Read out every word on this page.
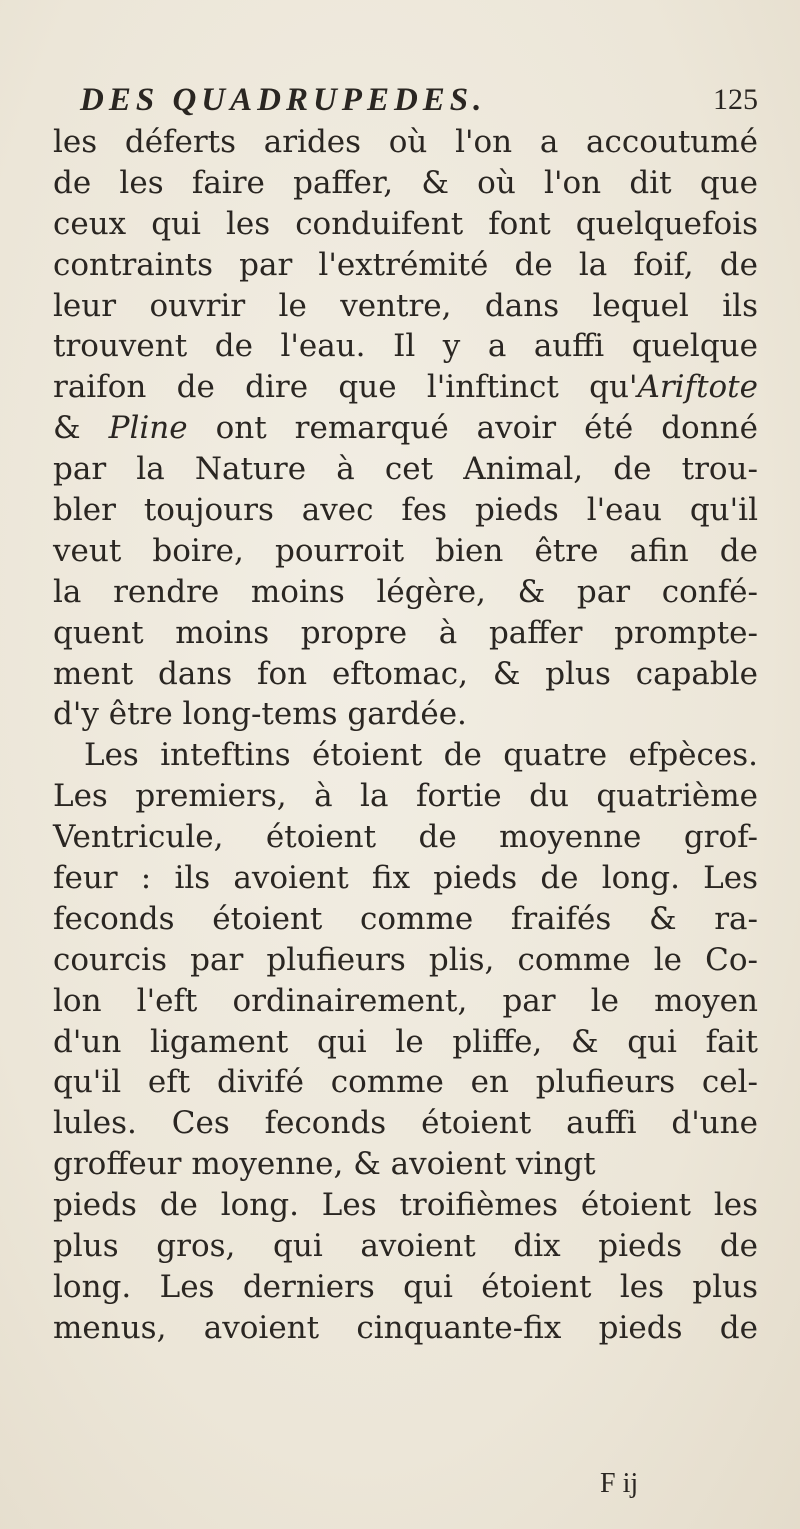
DES QUADRUPEDES.	125
les déferts arides où l'on a accoutumé
de les faire paffer, & où l'on dit que
ceux qui les conduifent font quelquefois
contraints par l'extrémité de la foif, de
leur ouvrir le ventre, dans lequel ils
trouvent de l'eau. Il y a auffi quelque
raifon de dire que l'inftinct qu'Ariftote
& Pline ont remarqué avoir été donné
par la Nature à cet Animal, de trou-
bler toujours avec fes pieds l'eau qu'il
veut boire, pourroit bien être afin de
la rendre moins légère, & par confé-
quent moins propre à paffer prompte-
ment dans fon eftomac, & plus capable
d'y être long-tems gardée.
Les inteftins étoient de quatre efpèces.
Les premiers, à la fortie du quatrième
Ventricule, étoient de moyenne grof-
feur : ils avoient fix pieds de long. Les
feconds étoient comme fraifés & ra-
courcis par plufieurs plis, comme le Co-
lon l'eft ordinairement, par le moyen
d'un ligament qui le pliffe, & qui fait
qu'il eft divifé comme en plufieurs cel-
lules. Ces feconds étoient auffi d'une
groffeur moyenne, & avoient vingt
pieds de long. Les troifièmes étoient les
plus gros, qui avoient dix pieds de
long. Les derniers qui étoient les plus
menus, avoient cinquante-fix pieds de
F ij
